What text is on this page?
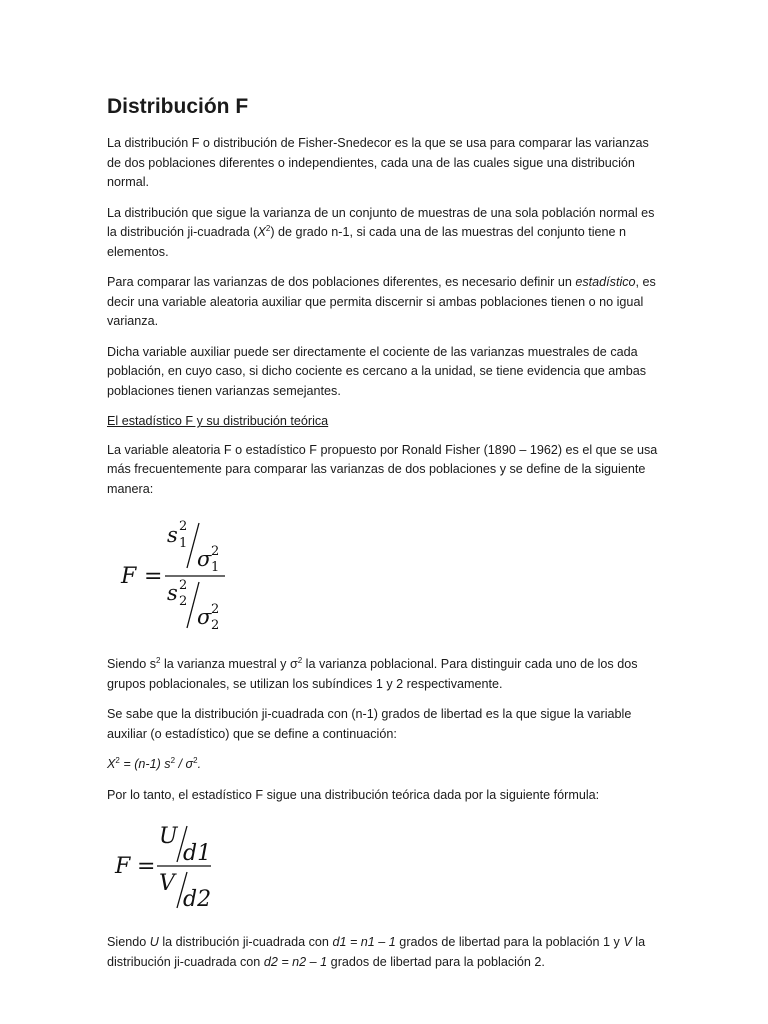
Distribución F

La distribución F o distribución de Fisher-Snedecor es la que se usa para comparar las varianzas de dos poblaciones diferentes o independientes, cada una de las cuales sigue una distribución normal.

La distribución que sigue la varianza de un conjunto de muestras de una sola población normal es la distribución ji-cuadrada $(X^2)$ de grado n-1, si cada una de las muestras del conjunto tiene n elementos.

Para comparar las varianzas de dos poblaciones diferentes, es necesario definir un estadístico, es decir una variable aleatoria auxiliar que permita discernir si ambas poblaciones tienen o no igual varianza.

Dicha variable auxiliar puede ser directamente el cociente de las varianzas muestrales de cada población, en cuyo caso, si dicho cociente es cercano a la unidad, se tiene evidencia que ambas poblaciones tienen varianzas semejantes.

El estadístico F y su distribución teórica

La variable aleatoria F o estadístico F propuesto por Ronald Fisher (1890 – 1962) es el que se usa más frecuentemente para comparar las varianzas de dos poblaciones y se define de la siguiente manera:

F =
s 2
1
σ 2
1
s 2
2
σ 2
2

Siendo $s^2$ la varianza muestral y $\sigma^2$ la varianza poblacional. Para distinguir cada uno de los dos grupos poblacionales, se utilizan los subíndices 1 y 2 respectivamente.

Se sabe que la distribución ji-cuadrada con (n-1) grados de libertad es la que sigue la variable auxiliar (o estadístico) que se define a continuación:

$X^2 = (n-1)$ $s^2 / \sigma^2$.

Por lo tanto, el estadístico F sigue una distribución teórica dada por la siguiente fórmula:

F =
U
d1
V
d2

Siendo U la distribución ji-cuadrada con d1 = n1 – 1 grados de libertad para la población 1 y V la distribución ji-cuadrada con d2 = n2 – 1 grados de libertad para la población 2.
